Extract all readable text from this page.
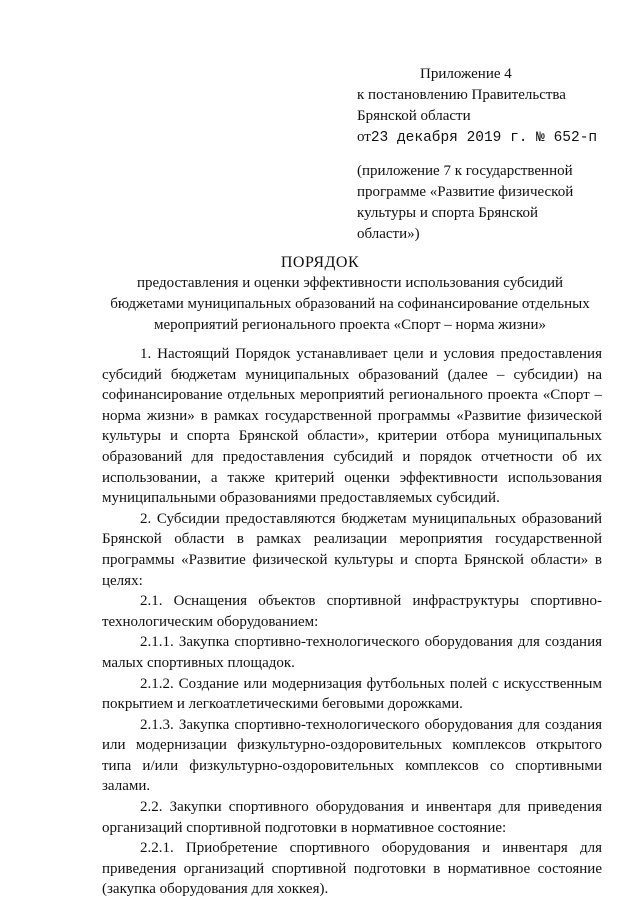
Приложение 4
к постановлению Правительства
Брянской области
от23 декабря 2019 г. № 652-п
(приложение 7 к государственной
программе «Развитие физической
культуры и спорта Брянской
области»)
ПОРЯДОК
предоставления и оценки эффективности использования субсидий бюджетами муниципальных образований на софинансирование отдельных мероприятий регионального проекта «Спорт – норма жизни»

1. Настоящий Порядок устанавливает цели и условия предоставления субсидий бюджетам муниципальных образований (далее – субсидии) на софинансирование отдельных мероприятий регионального проекта «Спорт – норма жизни» в рамках государственной программы «Развитие физической культуры и спорта Брянской области», критерии отбора муниципальных образований для предоставления субсидий и порядок отчетности об их использовании, а также критерий оценки эффективности использования муниципальными образованиями предоставляемых субсидий.

2. Субсидии предоставляются бюджетам муниципальных образований Брянской области в рамках реализации мероприятия государственной программы «Развитие физической культуры и спорта Брянской области» в целях:

2.1. Оснащения объектов спортивной инфраструктуры спортивно-технологическим оборудованием:

2.1.1. Закупка спортивно-технологического оборудования для создания малых спортивных площадок.

2.1.2. Создание или модернизация футбольных полей с искусственным покрытием и легкоатлетическими беговыми дорожками.

2.1.3. Закупка спортивно-технологического оборудования для создания или модернизации физкультурно-оздоровительных комплексов открытого типа и/или физкультурно-оздоровительных комплексов со спортивными залами.

2.2. Закупки спортивного оборудования и инвентаря для приведения организаций спортивной подготовки в нормативное состояние:

2.2.1. Приобретение спортивного оборудования и инвентаря для приведения организаций спортивной подготовки в нормативное состояние (закупка оборудования для хоккея).
